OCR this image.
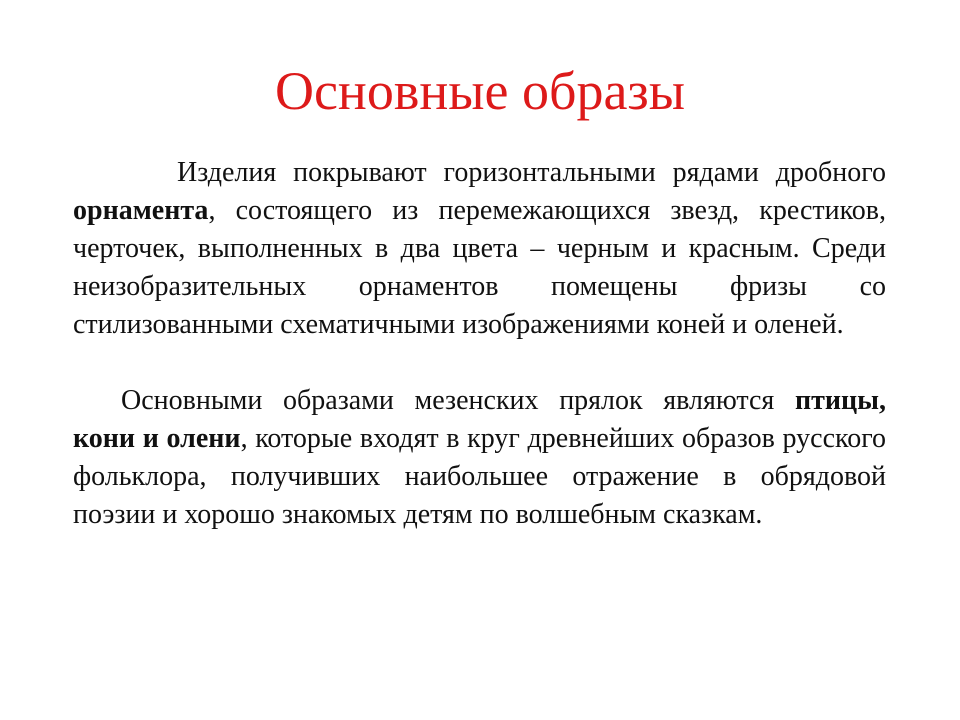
Основные образы

Изделия покрывают горизонтальными рядами дробного орнамента, состоящего из перемежающихся звезд, крестиков, черточек, выполненных в два цвета – черным и красным. Среди неизобразительных орнаментов помещены фризы со стилизованными схематичными изображениями коней и оленей.

Основными образами мезенских прялок являются птицы, кони и олени, которые входят в круг древнейших образов русского фольклора, получивших наибольшее отражение в обрядовой поэзии и хорошо знакомых детям по волшебным сказкам.
